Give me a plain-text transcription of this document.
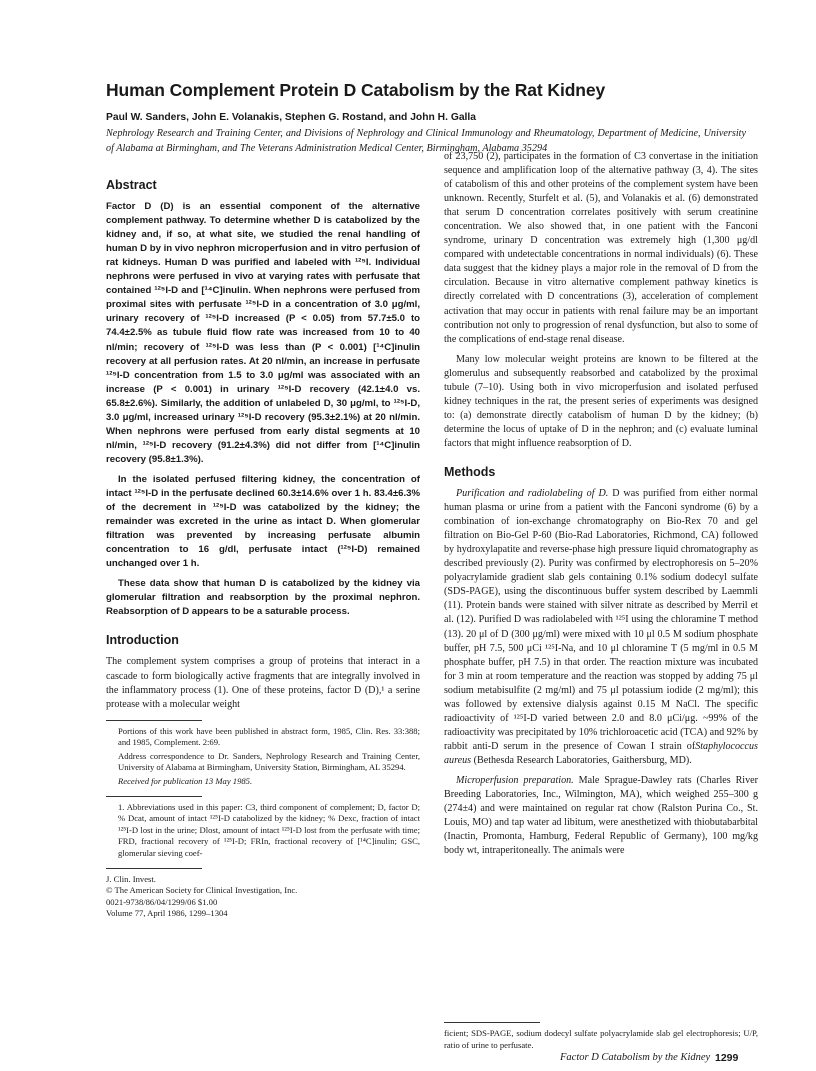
Human Complement Protein D Catabolism by the Rat Kidney

Paul W. Sanders, John E. Volanakis, Stephen G. Rostand, and John H. Galla

Nephrology Research and Training Center, and Divisions of Nephrology and Clinical Immunology and Rheumatology, Department of Medicine, University of Alabama at Birmingham, and The Veterans Administration Medical Center, Birmingham, Alabama 35294

Abstract

Factor D (D) is an essential component of the alternative complement pathway. To determine whether D is catabolized by the kidney and, if so, at what site, we studied the renal handling of human D by in vivo nephron microperfusion and in vitro perfusion of rat kidneys. Human D was purified and labeled with ¹²⁵I. Individual nephrons were perfused in vivo at varying rates with perfusate that contained ¹²⁵I-D and [¹⁴C]inulin. When nephrons were perfused from proximal sites with perfusate ¹²⁵I-D in a concentration of 3.0 μg/ml, urinary recovery of ¹²⁵I-D increased (P < 0.05) from 57.7±5.0 to 74.4±2.5% as tubule fluid flow rate was increased from 10 to 40 nl/min; recovery of ¹²⁵I-D was less than (P < 0.001) [¹⁴C]inulin recovery at all perfusion rates. At 20 nl/min, an increase in perfusate ¹²⁵I-D concentration from 1.5 to 3.0 μg/ml was associated with an increase (P < 0.001) in urinary ¹²⁵I-D recovery (42.1±4.0 vs. 65.8±2.6%). Similarly, the addition of unlabeled D, 30 μg/ml, to ¹²⁵I-D, 3.0 μg/ml, increased urinary ¹²⁵I-D recovery (95.3±2.1%) at 20 nl/min. When nephrons were perfused from early distal segments at 10 nl/min, ¹²⁵I-D recovery (91.2±4.3%) did not differ from [¹⁴C]inulin recovery (95.8±1.3%).

In the isolated perfused filtering kidney, the concentration of intact ¹²⁵I-D in the perfusate declined 60.3±14.6% over 1 h. 83.4±6.3% of the decrement in ¹²⁵I-D was catabolized by the kidney; the remainder was excreted in the urine as intact D. When glomerular filtration was prevented by increasing perfusate albumin concentration to 16 g/dl, perfusate intact (¹²⁵I-D) remained unchanged over 1 h.

These data show that human D is catabolized by the kidney via glomerular filtration and reabsorption by the proximal nephron. Reabsorption of D appears to be a saturable process.

Introduction

The complement system comprises a group of proteins that interact in a cascade to form biologically active fragments that are integrally involved in the inflammatory process (1). One of these proteins, factor D (D),¹ a serine protease with a molecular weight

Portions of this work have been published in abstract form, 1985, Clin. Res. 33:388; and 1985, Complement. 2:69.

Address correspondence to Dr. Sanders, Nephrology Research and Training Center, University of Alabama at Birmingham, University Station, Birmingham, AL 35294.

Received for publication 13 May 1985.

1. Abbreviations used in this paper: C3, third component of complement; D, factor D; % Dcat, amount of intact ¹²⁵I-D catabolized by the kidney; % Dexc, fraction of intact ¹²⁵I-D lost in the urine; Dlost, amount of intact ¹²⁵I-D lost from the perfusate with time; FRD, fractional recovery of ¹²⁵I-D; FRIn, fractional recovery of [¹⁴C]inulin; GSC, glomerular sieving coef-

J. Clin. Invest.

© The American Society for Clinical Investigation, Inc.

0021-9738/86/04/1299/06 $1.00

Volume 77, April 1986, 1299–1304

of 23,750 (2), participates in the formation of C3 convertase in the initiation sequence and amplification loop of the alternative pathway (3, 4). The sites of catabolism of this and other proteins of the complement system have been unknown. Recently, Sturfelt et al. (5), and Volanakis et al. (6) demonstrated that serum D concentration correlates positively with serum creatinine concentration. We also showed that, in one patient with the Fanconi syndrome, urinary D concentration was extremely high (1,300 μg/dl compared with undetectable concentrations in normal individuals) (6). These data suggest that the kidney plays a major role in the removal of D from the circulation. Because in vitro alternative complement pathway kinetics is directly correlated with D concentrations (3), acceleration of complement activation that may occur in patients with renal failure may be an important contribution not only to progression of renal dysfunction, but also to some of the complications of end-stage renal disease.

Many low molecular weight proteins are known to be filtered at the glomerulus and subsequently reabsorbed and catabolized by the proximal tubule (7–10). Using both in vivo microperfusion and isolated perfused kidney techniques in the rat, the present series of experiments was designed to: (a) demonstrate directly catabolism of human D by the kidney; (b) determine the locus of uptake of D in the nephron; and (c) evaluate luminal factors that might influence reabsorption of D.

Methods

Purification and radiolabeling of D. D was purified from either normal human plasma or urine from a patient with the Fanconi syndrome (6) by a combination of ion-exchange chromatography on Bio-Rex 70 and gel filtration on Bio-Gel P-60 (Bio-Rad Laboratories, Richmond, CA) followed by hydroxylapatite and reverse-phase high pressure liquid chromatography as described previously (2). Purity was confirmed by electrophoresis on 5–20% polyacrylamide gradient slab gels containing 0.1% sodium dodecyl sulfate (SDS-PAGE), using the discontinuous buffer system described by Laemmli (11). Protein bands were stained with silver nitrate as described by Merril et al. (12). Purified D was radiolabeled with ¹²⁵I using the chloramine T method (13). 20 μl of D (300 μg/ml) were mixed with 10 μl 0.5 M sodium phosphate buffer, pH 7.5, 500 μCi ¹²⁵I-Na, and 10 μl chloramine T (5 mg/ml in 0.5 M phosphate buffer, pH 7.5) in that order. The reaction mixture was incubated for 3 min at room temperature and the reaction was stopped by adding 75 μl sodium metabisulfite (2 mg/ml) and 75 μl potassium iodide (2 mg/ml); this was followed by extensive dialysis against 0.15 M NaCl. The specific radioactivity of ¹²⁵I-D varied between 2.0 and 8.0 μCi/μg. ~99% of the radioactivity was precipitated by 10% trichloroacetic acid (TCA) and 92% by rabbit anti-D serum in the presence of Cowan I strain ofStaphylococcus aureus (Bethesda Research Laboratories, Gaithersburg, MD).

Microperfusion preparation. Male Sprague-Dawley rats (Charles River Breeding Laboratories, Inc., Wilmington, MA), which weighed 255–300 g (274±4) and were maintained on regular rat chow (Ralston Purina Co., St. Louis, MO) and tap water ad libitum, were anesthetized with thiobutabarbital (Inactin, Promonta, Hamburg, Federal Republic of Germany), 100 mg/kg body wt, intraperitoneally. The animals were

ficient; SDS-PAGE, sodium dodecyl sulfate polyacrylamide slab gel electrophoresis; U/P, ratio of urine to perfusate.
Factor D Catabolism by the Kidney 1299
